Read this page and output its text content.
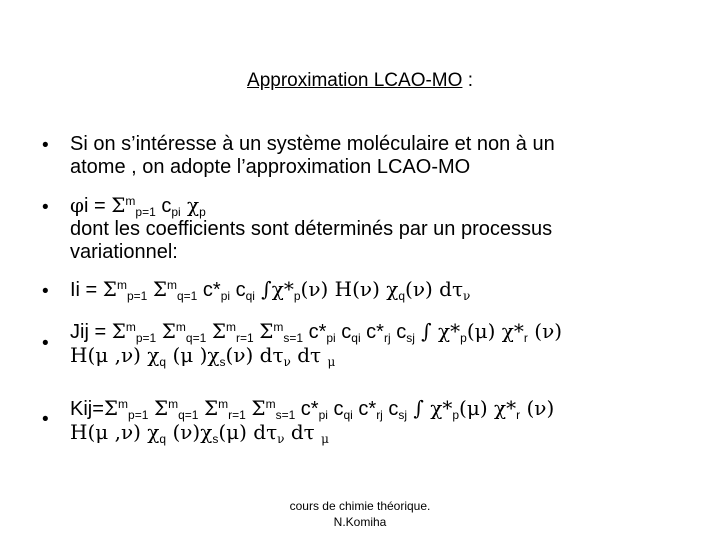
Approximation LCAO-MO :
• Si on s’intéresse à un système moléculaire et non à un
atome , on adopte l’approximation LCAO-MO
• $\varphi i = \Sigma^m_{p=1}$ $c_{pi}$ $\chi_p$
dont les coefficients sont déterminés par un processus
variationnel:
• $Ii = \Sigma^m_{p=1}$ $\Sigma^m_{q=1}$ $c*_{pi}$ $c_{qi}$ $\int\chi*_p(\nu)$ H(ν) $\chi_q(\nu)$ $d\tau_\nu$
•
Jij = $\Sigma^m_{p=1}$ $\Sigma^m_{q=1}$ $\Sigma^m_{r=1}$ $\Sigma^m_{s=1}$ $c*_{pi}$ $c_{qi}$ $c*_{rj}$ $c_{sj}$ ∫ $\chi*_p(\mu)$ $\chi*_r$ (ν)
H(μ ,ν) $\chi_q$ (μ )$\chi_s(\nu)$ $d\tau_\nu$ dτ $_\mu$
• $Kij=\Sigma^m_{p=1}$ $\Sigma^m_{q=1}$ $\Sigma^m_{r=1}$ $\Sigma^m_{s=1}$ $c*_{pi}$ $c_{qi}$ $c*_{rj}$ $c_{sj}$ ∫ $\chi*_p(\mu)$ $\chi*_r$ (ν)
H(μ ,ν) $\chi_q$ $(\nu)\chi_s(\mu)$ $d\tau_\nu$ dτ $_\mu$
cours de chimie théorique.
N.Komiha
